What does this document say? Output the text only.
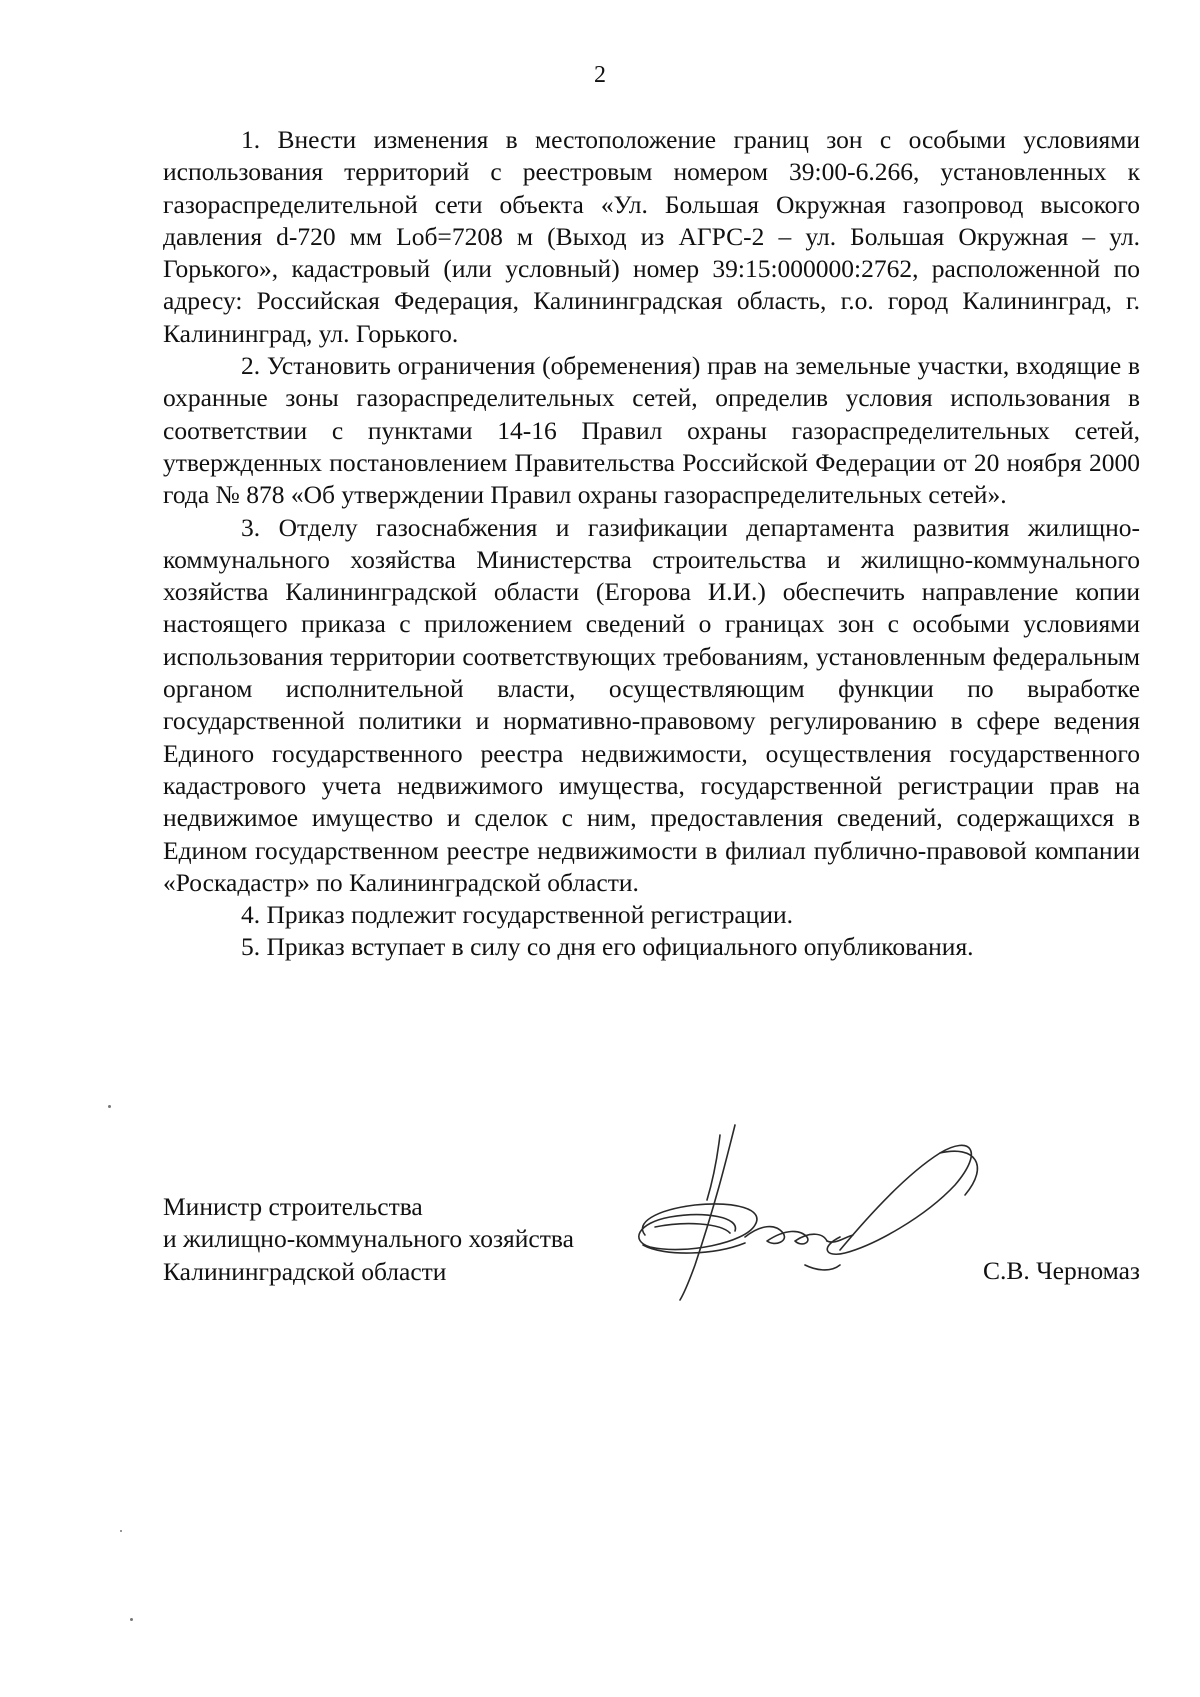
2

1. Внести изменения в местоположение границ зон с особыми условиями использования территорий с реестровым номером 39:00-6.266, установленных к газораспределительной сети объекта «Ул. Большая Окружная газопровод высокого давления d-720 мм Lоб=7208 м (Выход из АГРС-2 – ул. Большая Окружная – ул. Горького», кадастровый (или условный) номер 39:15:000000:2762, расположенной по адресу: Российская Федерация, Калининградская область, г.о. город Калининград, г. Калининград, ул. Горького.

2. Установить ограничения (обременения) прав на земельные участки, входящие в охранные зоны газораспределительных сетей, определив условия использования в соответствии с пунктами 14-16 Правил охраны газораспределительных сетей, утвержденных постановлением Правительства Российской Федерации от 20 ноября 2000 года № 878 «Об утверждении Правил охраны газораспределительных сетей».

3. Отделу газоснабжения и газификации департамента развития жилищно-коммунального хозяйства Министерства строительства и жилищно-коммунального хозяйства Калининградской области (Егорова И.И.) обеспечить направление копии настоящего приказа с приложением сведений о границах зон с особыми условиями использования территории соответствующих требованиям, установленным федеральным органом исполнительной власти, осуществляющим функции по выработке государственной политики и нормативно-правовому регулированию в сфере ведения Единого государственного реестра недвижимости, осуществления государственного кадастрового учета недвижимого имущества, государственной регистрации прав на недвижимое имущество и сделок с ним, предоставления сведений, содержащихся в Едином государственном реестре недвижимости в филиал публично-правовой компании «Роскадастр» по Калининградской области.

4. Приказ подлежит государственной регистрации.

5. Приказ вступает в силу со дня его официального опубликования.

Министр строительства
и жилищно-коммунального хозяйства
Калининградской области	С.В. Черномаз
